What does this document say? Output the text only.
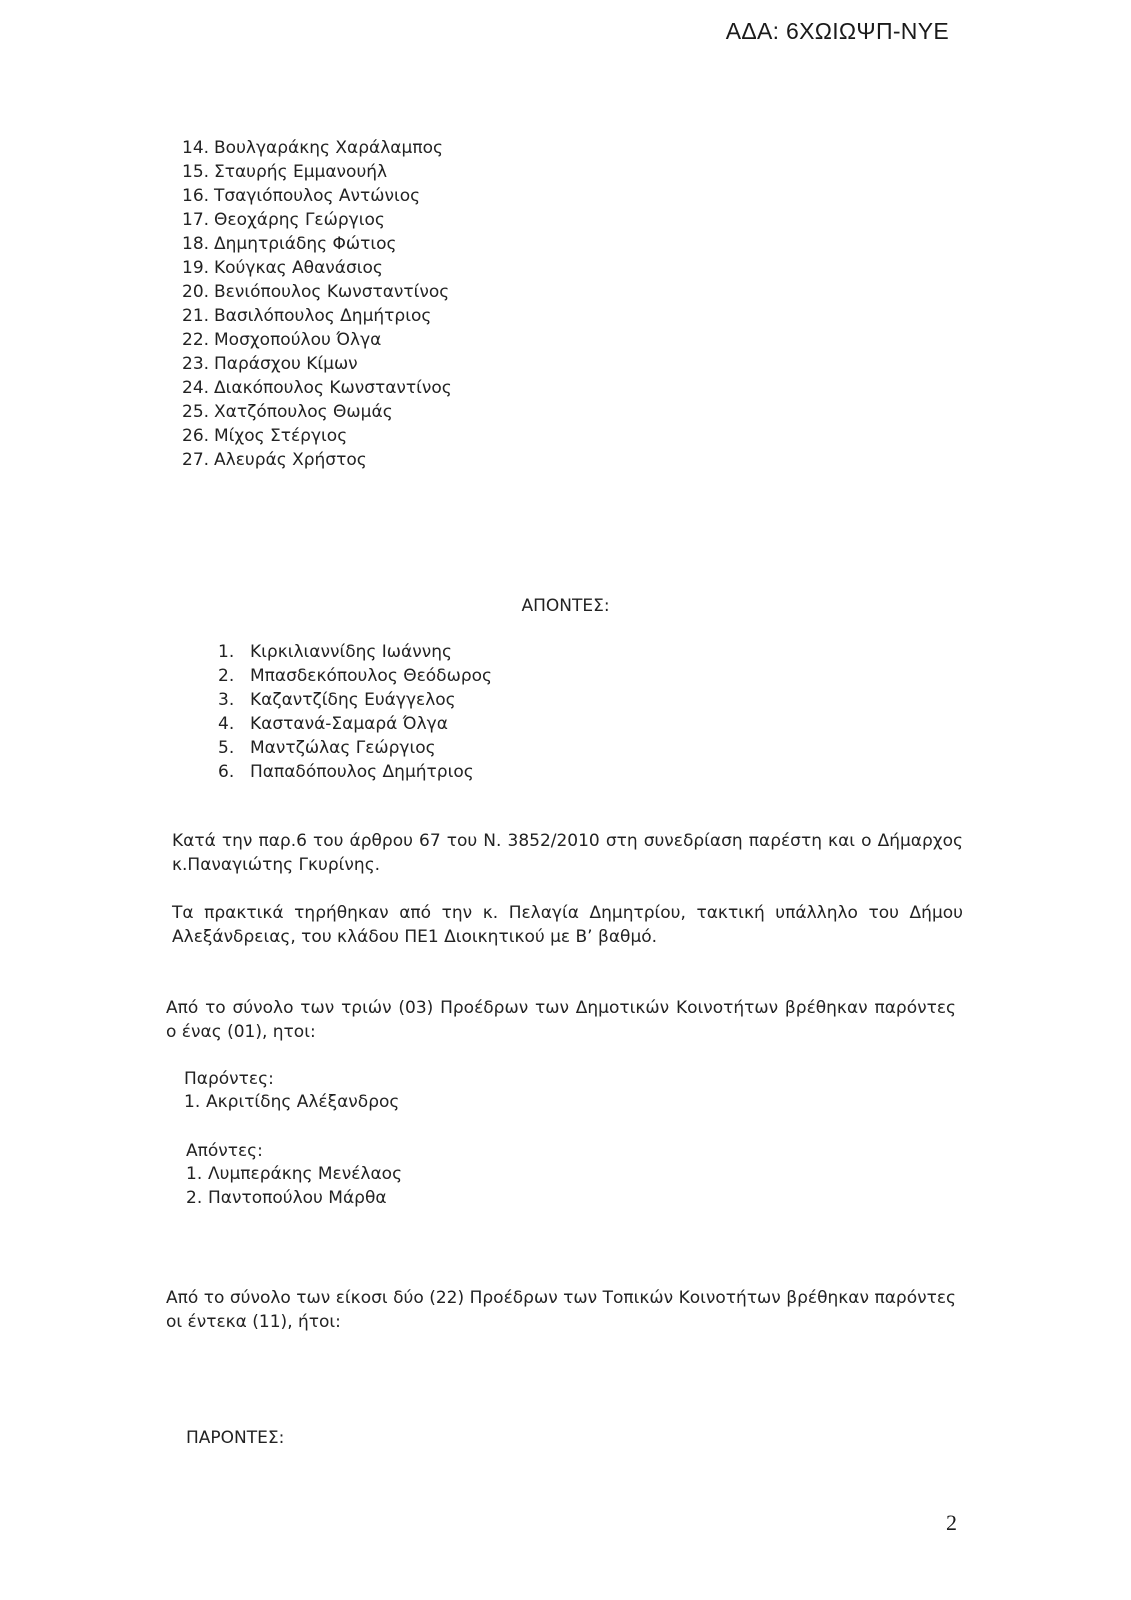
ΑΔΑ: 6ΧΩΙΩΨΠ-ΝΥΕ
14. Βουλγαράκης Χαράλαμπος
15. Σταυρής Εμμανουήλ
16. Τσαγιόπουλος Αντώνιος
17. Θεοχάρης Γεώργιος
18. Δημητριάδης Φώτιος
19. Κούγκας Αθανάσιος
20. Βενιόπουλος Κωνσταντίνος
21. Βασιλόπουλος Δημήτριος
22. Μοσχοπούλου Όλγα
23. Παράσχου Κίμων
24. Διακόπουλος Κωνσταντίνος
25. Χατζόπουλος Θωμάς
26. Μίχος Στέργιος
27. Αλευράς Χρήστος
ΑΠΟΝΤΕΣ:
1. Κιρκιλιαννίδης Ιωάννης
2. Μπασδεκόπουλος Θεόδωρος
3. Καζαντζίδης Ευάγγελος
4. Καστανά-Σαμαρά Όλγα
5. Μαντζώλας Γεώργιος
6. Παπαδόπουλος Δημήτριος

Κατά την παρ.6 του άρθρου 67 του Ν. 3852/2010 στη συνεδρίαση παρέστη και ο Δήμαρχος κ.Παναγιώτης Γκυρίνης.

Τα πρακτικά τηρήθηκαν από την κ. Πελαγία Δημητρίου, τακτική υπάλληλο του Δήμου Αλεξάνδρειας, του κλάδου ΠΕ1 Διοικητικού με Β’ βαθμό.

Από το σύνολο των τριών (03) Προέδρων των Δημοτικών Κοινοτήτων βρέθηκαν παρόντες ο ένας (01), ητοι:

Παρόντες:
1. Ακριτίδης Αλέξανδρος
Απόντες:
1. Λυμπεράκης Μενέλαος
2. Παντοπούλου Μάρθα

Από το σύνολο των είκοσι δύο (22) Προέδρων των Τοπικών Κοινοτήτων βρέθηκαν παρόντες οι έντεκα (11), ήτοι:

ΠΑΡΟΝΤΕΣ:
2
